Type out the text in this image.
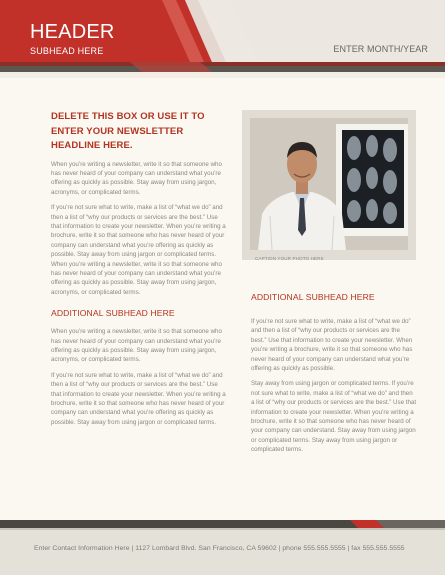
HEADER
SUBHEAD HERE	ENTER MONTH/YEAR
DELETE THIS BOX OR USE IT TO ENTER YOUR NEWSLETTER HEADLINE HERE.

When you’re writing a newsletter, write it so that someone who has never heard of your company can understand what you’re offering as quickly as possible. Stay away from using jargon, acronyms, or complicated terms.

If you’re not sure what to write, make a list of “what we do” and then a list of “why our products or services are the best.” Use that information to create your newsletter. When you’re writing a brochure, write it so that someone who has never heard of your company can understand what you’re offering as quickly as possible. Stay away from using jargon or complicated terms. When you’re writing a newsletter, write it so that someone who has never heard of your company can understand what you’re offering as quickly as possible. Stay away from using jargon, acronyms, or complicated terms.

ADDITIONAL SUBHEAD HERE

When you’re writing a newsletter, write it so that someone who has never heard of your company can understand what you’re offering as quickly as possible. Stay away from using jargon, acronyms, or complicated terms.

If you’re not sure what to write, make a list of “what we do” and then a list of “why our products or services are the best.” Use that information to create your newsletter. When you’re writing a brochure, write it so that someone who has never heard of your company can understand what you’re offering as quickly as possible. Stay away from using jargon or complicated terms.

CAPTION YOUR PHOTO HERE
ADDITIONAL SUBHEAD HERE

If you’re not sure what to write, make a list of “what we do” and then a list of “why our products or services are the best.” Use that information to create your newsletter. When you’re writing a brochure, write it so that someone who has never heard of your company can understand what you’re offering as quickly as possible.

Stay away from using jargon or complicated terms. If you’re not sure what to write, make a list of “what we do” and then a list of “why our products or services are the best.” Use that information to create your newsletter. When you’re writing a brochure, write it so that someone who has never heard of your company can understand. Stay away from using jargon or complicated terms. Stay away from using jargon or complicated terms.

Enter Contact Information Here | 1127 Lombard Blvd. San Francisco, CA 59602 | phone 555.555.5555 | fax 555.555.5555
